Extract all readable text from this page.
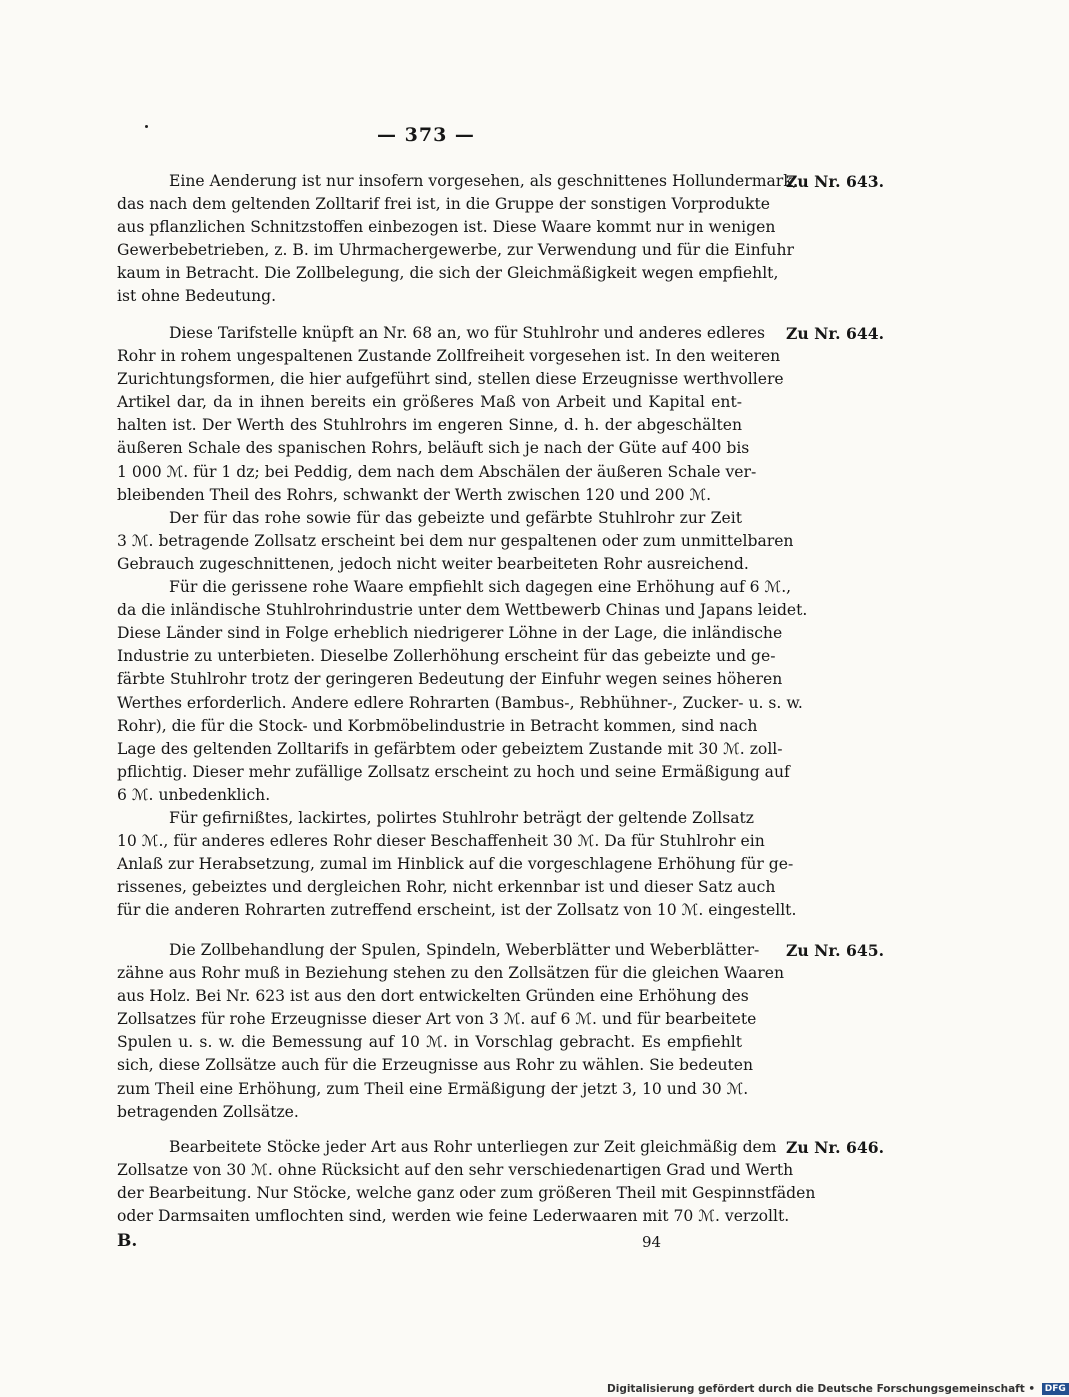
— 373 —
Eine Aenderung ist nur insofern vorgesehen, als geschnittenes Hollundermark,
das nach dem geltenden Zolltarif frei ist, in die Gruppe der sonstigen Vorprodukte
aus pflanzlichen Schnitzstoffen einbezogen ist. Diese Waare kommt nur in wenigen
Gewerbebetrieben, z. B. im Uhrmachergewerbe, zur Verwendung und für die Einfuhr
kaum in Betracht. Die Zollbelegung, die sich der Gleichmäßigkeit wegen empfiehlt,
ist ohne Bedeutung.
Zu Nr. 643.
Diese Tarifstelle knüpft an Nr. 68 an, wo für Stuhlrohr und anderes edleres
Rohr in rohem ungespaltenen Zustande Zollfreiheit vorgesehen ist. In den weiteren
Zurichtungsformen, die hier aufgeführt sind, stellen diese Erzeugnisse werthvollere
Artikel dar, da in ihnen bereits ein größeres Maß von Arbeit und Kapital ent-
halten ist. Der Werth des Stuhlrohrs im engeren Sinne, d. h. der abgeschälten
äußeren Schale des spanischen Rohrs, beläuft sich je nach der Güte auf 400 bis
1 000 ℳ. für 1 dz; bei Peddig, dem nach dem Abschälen der äußeren Schale ver-
bleibenden Theil des Rohrs, schwankt der Werth zwischen 120 und 200 ℳ.
Der für das rohe sowie für das gebeizte und gefärbte Stuhlrohr zur Zeit
3 ℳ. betragende Zollsatz erscheint bei dem nur gespaltenen oder zum unmittelbaren
Gebrauch zugeschnittenen, jedoch nicht weiter bearbeiteten Rohr ausreichend.
Für die gerissene rohe Waare empfiehlt sich dagegen eine Erhöhung auf 6 ℳ.,
da die inländische Stuhlrohrindustrie unter dem Wettbewerb Chinas und Japans leidet.
Diese Länder sind in Folge erheblich niedrigerer Löhne in der Lage, die inländische
Industrie zu unterbieten. Dieselbe Zollerhöhung erscheint für das gebeizte und ge-
färbte Stuhlrohr trotz der geringeren Bedeutung der Einfuhr wegen seines höheren
Werthes erforderlich. Andere edlere Rohrarten (Bambus-, Rebhühner-, Zucker- u. s. w.
Rohr), die für die Stock- und Korbmöbelindustrie in Betracht kommen, sind nach
Lage des geltenden Zolltarifs in gefärbtem oder gebeiztem Zustande mit 30 ℳ. zoll-
pflichtig. Dieser mehr zufällige Zollsatz erscheint zu hoch und seine Ermäßigung auf
6 ℳ. unbedenklich.
Für gefirnißtes, lackirtes, polirtes Stuhlrohr beträgt der geltende Zollsatz
10 ℳ., für anderes edleres Rohr dieser Beschaffenheit 30 ℳ. Da für Stuhlrohr ein
Anlaß zur Herabsetzung, zumal im Hinblick auf die vorgeschlagene Erhöhung für ge-
rissenes, gebeiztes und dergleichen Rohr, nicht erkennbar ist und dieser Satz auch
für die anderen Rohrarten zutreffend erscheint, ist der Zollsatz von 10 ℳ. eingestellt.
Zu Nr. 644.
Die Zollbehandlung der Spulen, Spindeln, Weberblätter und Weberblätter-
zähne aus Rohr muß in Beziehung stehen zu den Zollsätzen für die gleichen Waaren
aus Holz. Bei Nr. 623 ist aus den dort entwickelten Gründen eine Erhöhung des
Zollsatzes für rohe Erzeugnisse dieser Art von 3 ℳ. auf 6 ℳ. und für bearbeitete
Spulen u. s. w. die Bemessung auf 10 ℳ. in Vorschlag gebracht. Es empfiehlt
sich, diese Zollsätze auch für die Erzeugnisse aus Rohr zu wählen. Sie bedeuten
zum Theil eine Erhöhung, zum Theil eine Ermäßigung der jetzt 3, 10 und 30 ℳ.
betragenden Zollsätze.
Zu Nr. 645.
Bearbeitete Stöcke jeder Art aus Rohr unterliegen zur Zeit gleichmäßig dem
Zollsatze von 30 ℳ. ohne Rücksicht auf den sehr verschiedenartigen Grad und Werth
der Bearbeitung. Nur Stöcke, welche ganz oder zum größeren Theil mit Gespinnstfäden
oder Darmsaiten umflochten sind, werden wie feine Lederwaaren mit 70 ℳ. verzollt.
Zu Nr. 646.
B.	94
Digitalisierung gefördert durch die Deutsche Forschungsgemeinschaft • DFG
